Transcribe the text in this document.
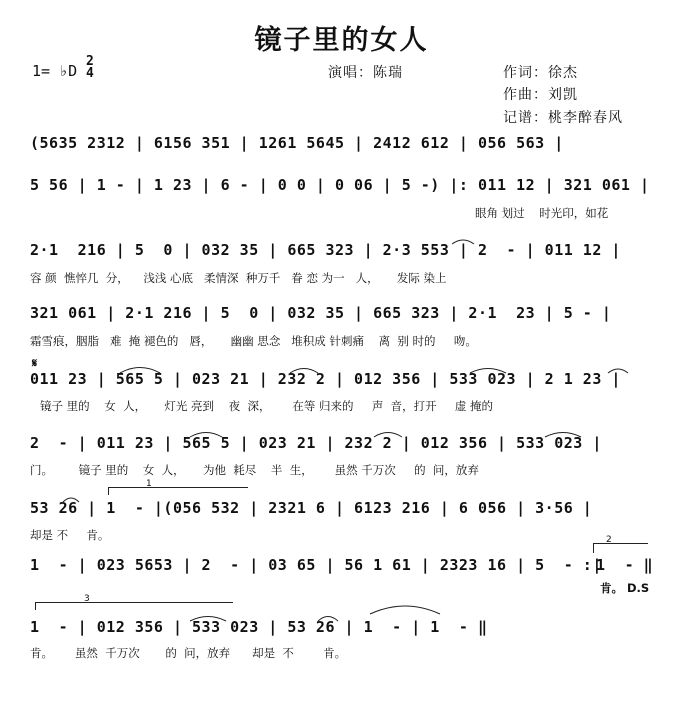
镜子里的女人
1= ♭D
2
4	演唱：陈瑞	作词：徐杰
作曲：刘凯
记谱：桃李醉春风
(5635 2312 | 6156 351 | 1261 5645 | 2412 612 | 056 563 |
5 56 | 1 - | 1 23 | 6 - | 0 0 | 0 06 | 5 -) |: 011 12 | 321 061 |
眼角 划过    时光印，如花
2·1  216 | 5  0 | 032 35 | 665 323 | 2·3 553 | 2  - | 011 12 |
容 颜  憔悴几  分，    浅浅 心底   柔情深  种万千   眷 恋 为一   人，     发际 染上
321 061 | 2·1 216 | 5  0 | 032 35 | 665 323 | 2·1  23 | 5 - |
霜雪痕，胭脂   难  掩 褪色的   唇，     幽幽 思念   堆积成 针刺痛    离  别 时的     吻。
𝄋
011 23 | 565 5 | 023 21 | 232 2 | 012 356 | 533 023 | 2 1 23 |
镜子 里的    女  人，     灯光 亮到    夜  深，      在等 归来的     声  音，打开     虚 掩的
2  - | 011 23 | 565 5 | 023 21 | 232 2 | 012 356 | 533 023 |
门。       镜子 里的    女  人，     为他  耗尽    半  生，      虽然 千万次     的  问，放弃
1
53 26 | 1  - |(056 532 | 2321 6 | 6123 216 | 6 056 | 3·56 |
却是 不     肯。	2
1  - | 023 5653 | 2  - | 03 65 | 56 1 61 | 2323 16 | 5  - :|
1  - ‖
肯。 D.S
3
1  - | 012 356 | 533 023 | 53 26 | 1  - | 1  - ‖
肯。      虽然  千万次       的  问，放弃      却是  不        肯。
